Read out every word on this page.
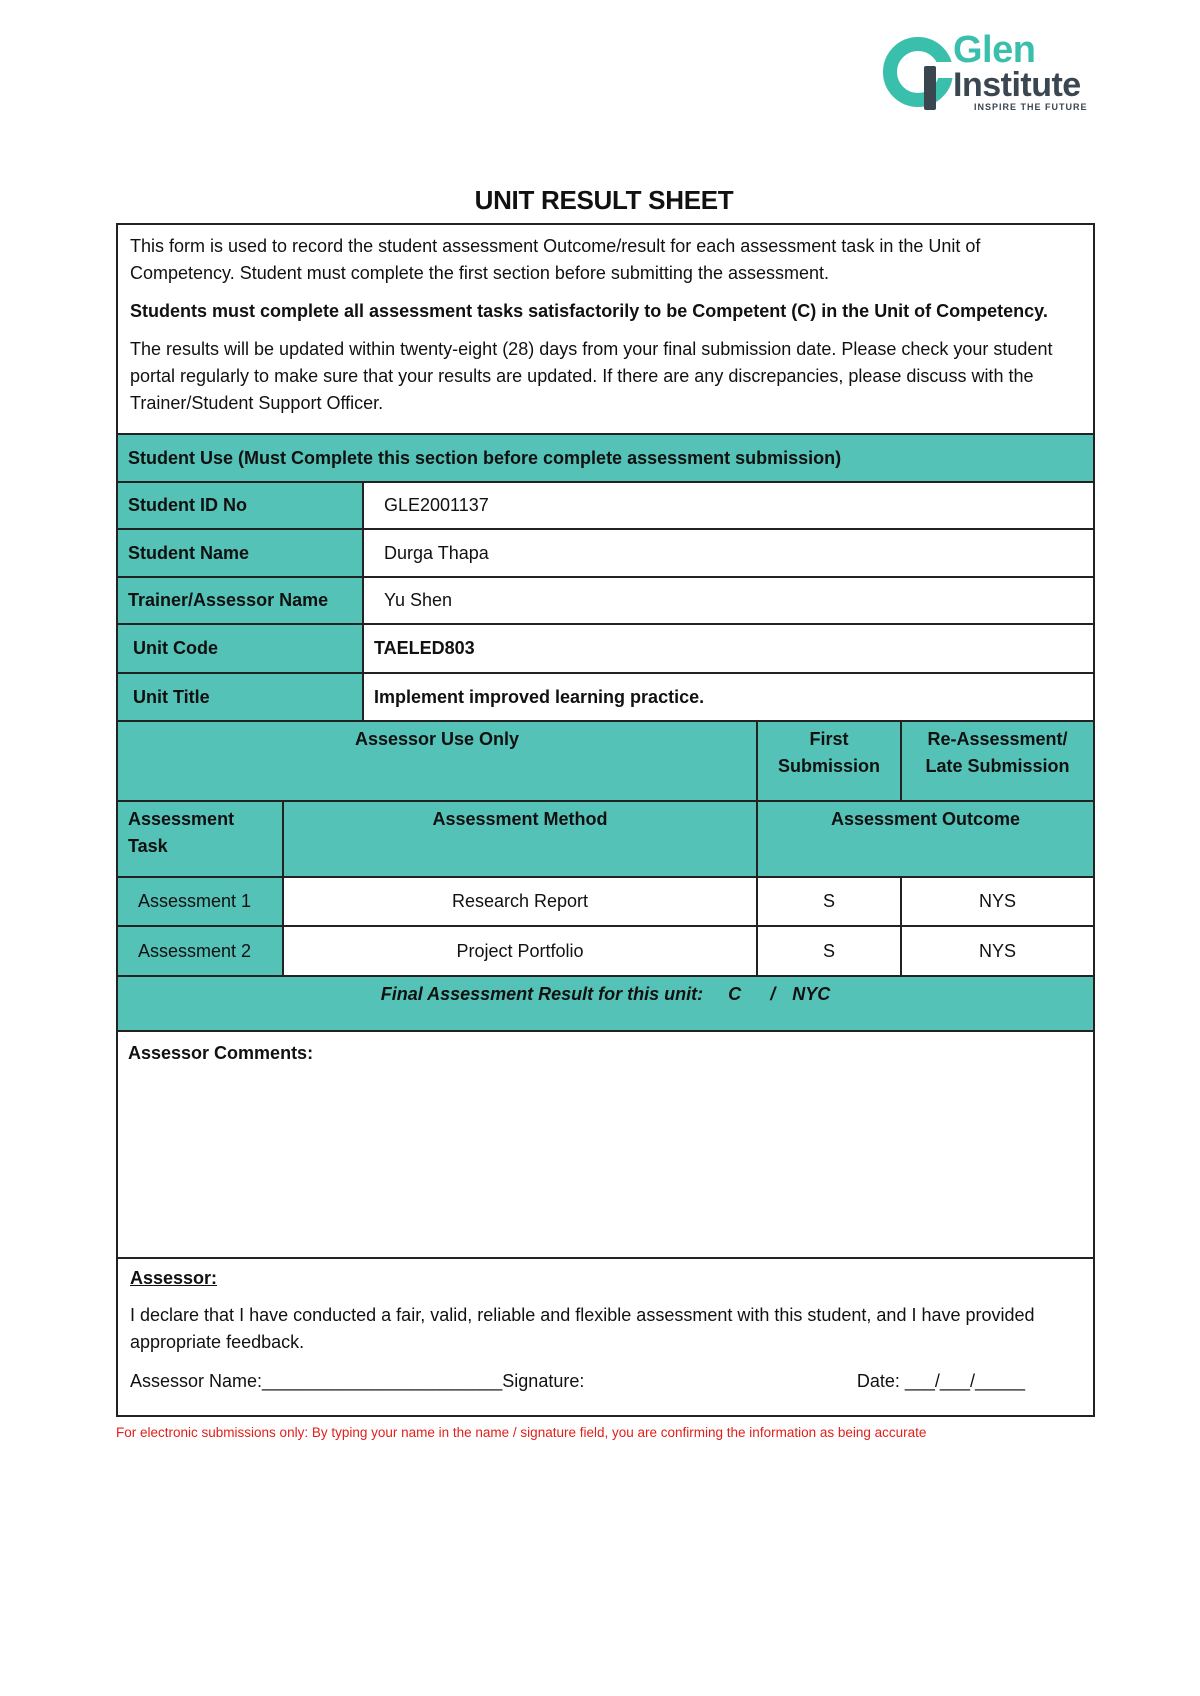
Glen
Institute
INSPIRE THE FUTURE
UNIT RESULT SHEET

This form is used to record the student assessment Outcome/result for each assessment task in the Unit of Competency. Student must complete the first section before submitting the assessment.

Students must complete all assessment tasks satisfactorily to be Competent (C) in the Unit of Competency.

The results will be updated within twenty-eight (28) days from your final submission date. Please check your student portal regularly to make sure that your results are updated. If there are any discrepancies, please discuss with the Trainer/Student Support Officer.				

Student Use (Must Complete this section before complete assessment submission)				
Student ID No		GLE2001137		
Student Name		Durga Thapa		
Trainer/Assessor Name		Yu Shen		
Unit Code		TAELED803		
Unit Title		Implement improved learning practice.		
Assessor Use Only			First Submission	Re-Assessment/ Late Submission
Assessment Task	Assessment Method		Assessment Outcome	
Assessment 1	Research Report		S	NYS
Assessment 2	Project Portfolio		S	NYS
Final Assessment Result for this unit: C / NYC				
Assessor Comments:				

Assessor:
I declare that I have conducted a fair, valid, reliable and flexible assessment with this student, and I have provided appropriate feedback.
Assessor Name:________________________Signature: Date: ___/___/_____				
For electronic submissions only: By typing your name in the name / signature field, you are confirming the information as being accurate
